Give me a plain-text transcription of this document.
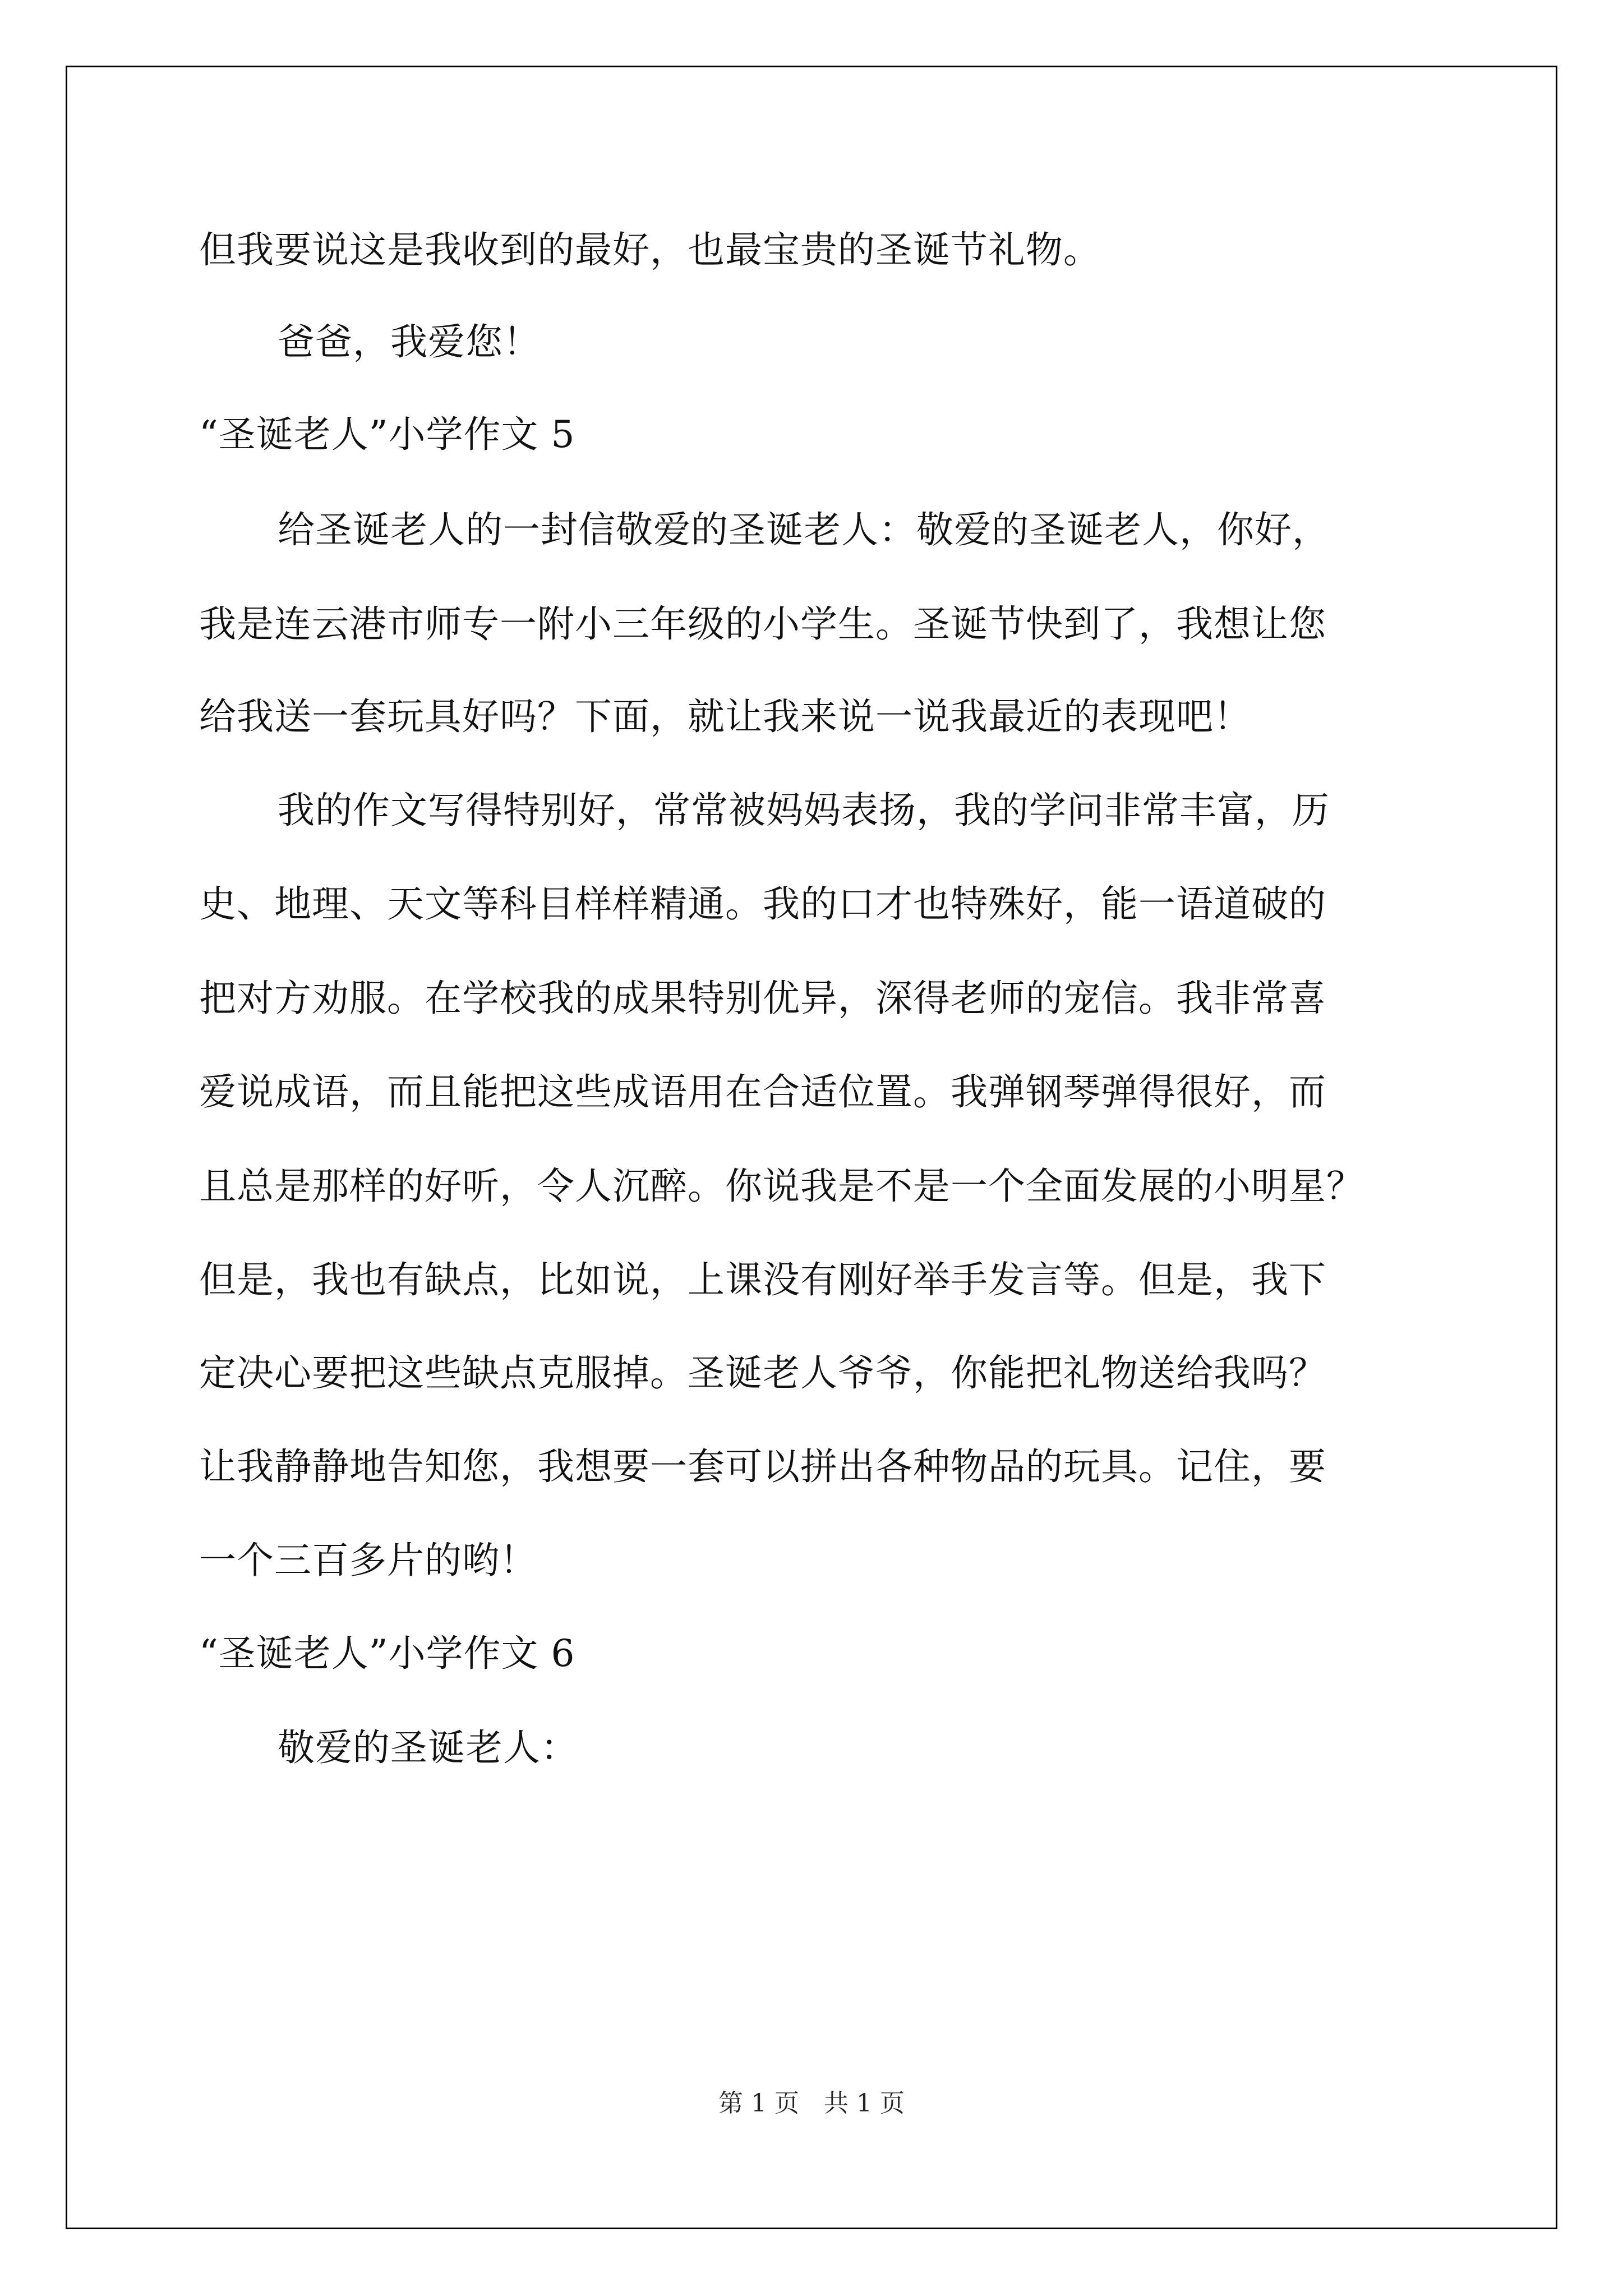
但我要说这是我收到的最好，也最宝贵的圣诞节礼物。
爸爸，我爱您！
“圣诞老人”小学作文 5
给圣诞老人的一封信敬爱的圣诞老人：敬爱的圣诞老人，你好，
我是连云港市师专一附小三年级的小学生。圣诞节快到了，我想让您
给我送一套玩具好吗？下面，就让我来说一说我最近的表现吧！
我的作文写得特别好，常常被妈妈表扬，我的学问非常丰富，历
史、地理、天文等科目样样精通。我的口才也特殊好，能一语道破的
把对方劝服。在学校我的成果特别优异，深得老师的宠信。我非常喜
爱说成语，而且能把这些成语用在合适位置。我弹钢琴弹得很好，而
且总是那样的好听，令人沉醉。你说我是不是一个全面发展的小明星？
但是，我也有缺点，比如说，上课没有刚好举手发言等。但是，我下
定决心要把这些缺点克服掉。圣诞老人爷爷，你能把礼物送给我吗？
让我静静地告知您，我想要一套可以拼出各种物品的玩具。记住，要
一个三百多片的哟！
“圣诞老人”小学作文 6
敬爱的圣诞老人：
第 1 页　共 1 页
